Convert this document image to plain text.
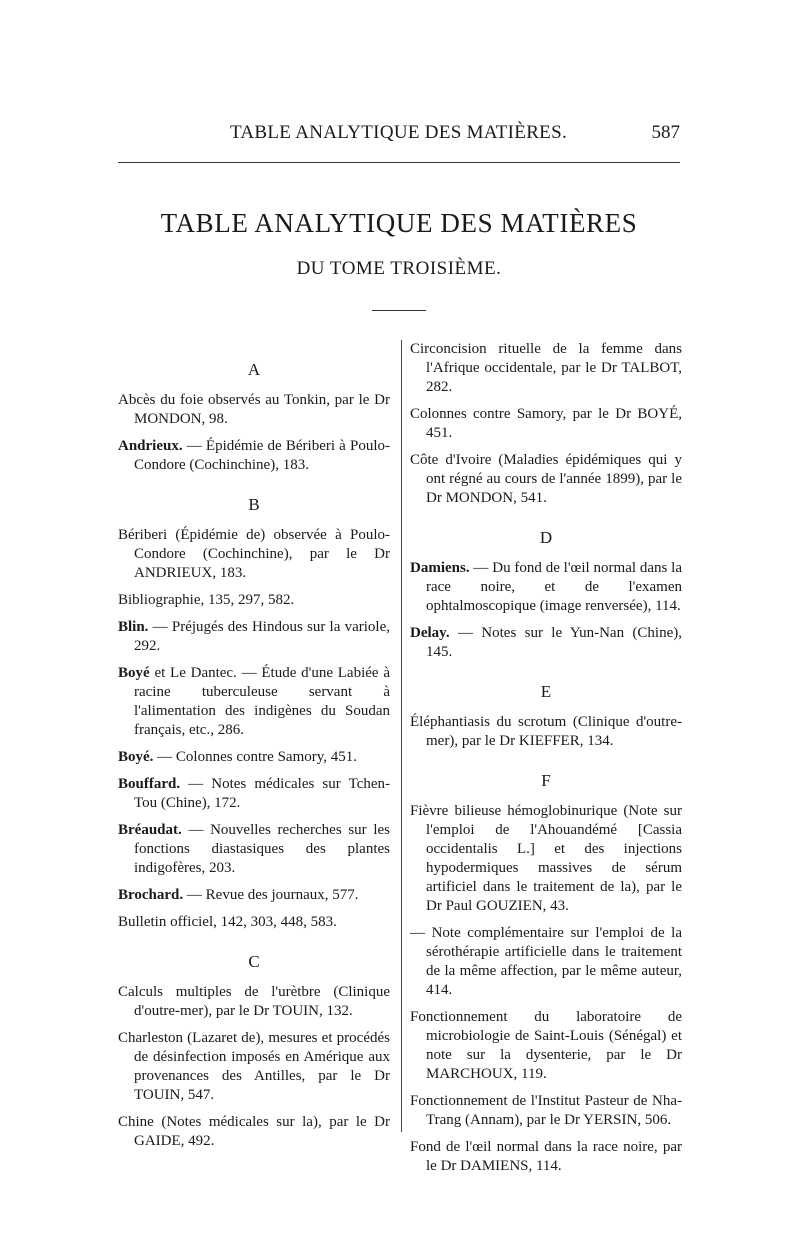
TABLE ANALYTIQUE DES MATIÈRES.	587
TABLE ANALYTIQUE DES MATIÈRES
DU TOME TROISIÈME.
A

Abcès du foie observés au Tonkin, par le Dr MONDON, 98.

Andrieux. — Épidémie de Bériberi à Poulo-Condore (Cochinchine), 183.

B

Bériberi (Épidémie de) observée à Poulo-Condore (Cochinchine), par le Dr ANDRIEUX, 183.

Bibliographie, 135, 297, 582.

Blin. — Préjugés des Hindous sur la variole, 292.

Boyé et Le Dantec. — Étude d'une Labiée à racine tuberculeuse servant à l'alimentation des indigènes du Soudan français, etc., 286.

Boyé. — Colonnes contre Samory, 451.

Bouffard. — Notes médicales sur Tchen-Tou (Chine), 172.

Bréaudat. — Nouvelles recherches sur les fonctions diastasiques des plantes indigofères, 203.

Brochard. — Revue des journaux, 577.

Bulletin officiel, 142, 303, 448, 583.

C

Calculs multiples de l'urètbre (Clinique d'outre-mer), par le Dr TOUIN, 132.

Charleston (Lazaret de), mesures et procédés de désinfection imposés en Amérique aux provenances des Antilles, par le Dr TOUIN, 547.

Chine (Notes médicales sur la), par le Dr GAIDE, 492.

Circoncision rituelle de la femme dans l'Afrique occidentale, par le Dr TALBOT, 282.

Colonnes contre Samory, par le Dr BOYÉ, 451.

Côte d'Ivoire (Maladies épidémiques qui y ont régné au cours de l'année 1899), par le Dr MONDON, 541.

D

Damiens. — Du fond de l'œil normal dans la race noire, et de l'examen ophtalmoscopique (image renversée), 114.

Delay. — Notes sur le Yun-Nan (Chine), 145.

E

Éléphantiasis du scrotum (Clinique d'outre-mer), par le Dr KIEFFER, 134.

F

Fièvre bilieuse hémoglobinurique (Note sur l'emploi de l'Ahouandémé [Cassia occidentalis L.] et des injections hypodermiques massives de sérum artificiel dans le traitement de la), par le Dr Paul GOUZIEN, 43.

— Note complémentaire sur l'emploi de la sérothérapie artificielle dans le traitement de la même affection, par le même auteur, 414.

Fonctionnement du laboratoire de microbiologie de Saint-Louis (Sénégal) et note sur la dysenterie, par le Dr MARCHOUX, 119.

Fonctionnement de l'Institut Pasteur de Nha-Trang (Annam), par le Dr YERSIN, 506.

Fond de l'œil normal dans la race noire, par le Dr DAMIENS, 114.
